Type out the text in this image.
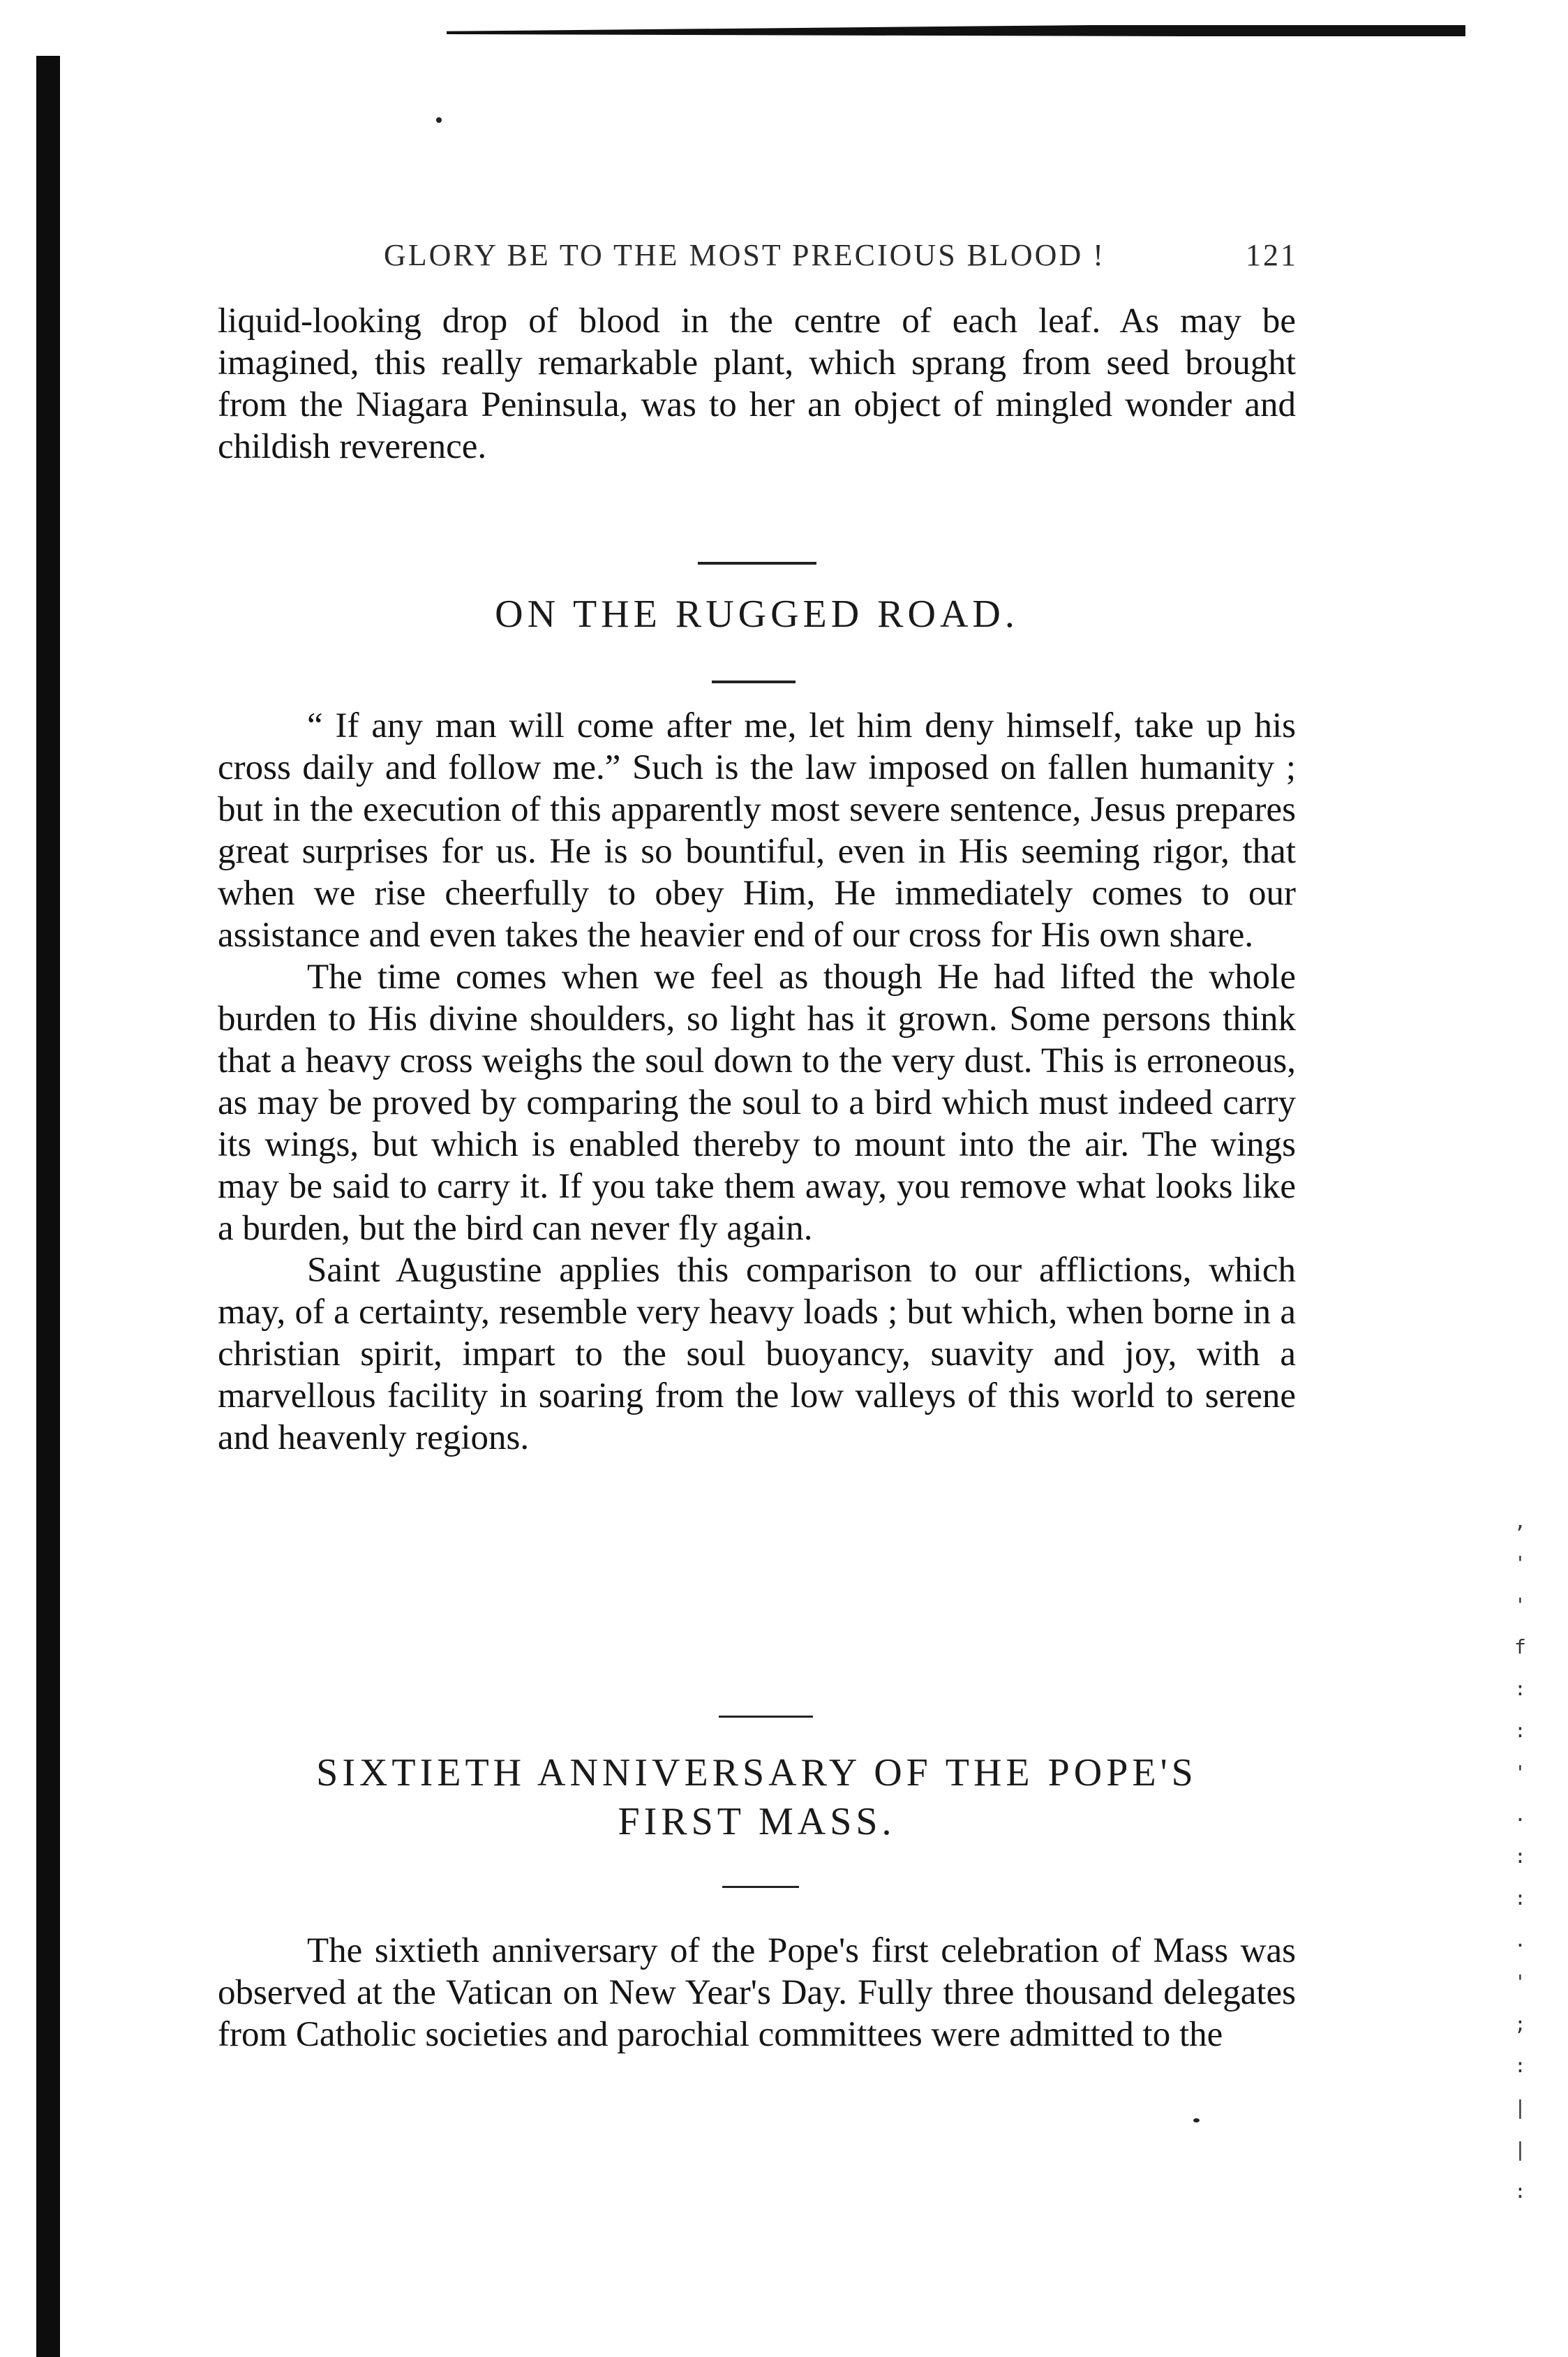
,
'
'
f
:
:
'
.
:
:
.
'
;
:
|
|
:
GLORY BE TO THE MOST PRECIOUS BLOOD !	121

liquid-looking drop of blood in the centre of each leaf. As may be imagined, this really remarkable plant, which sprang from seed brought from the Niagara Peninsula, was to her an object of mingled wonder and childish reverence.

ON THE RUGGED ROAD.

“ If any man will come after me, let him deny himself, take up his cross daily and follow me.” Such is the law imposed on fallen humanity ; but in the execution of this apparently most severe sentence, Jesus prepares great surprises for us. He is so bountiful, even in His seeming rigor, that when we rise cheerfully to obey Him, He immediately comes to our assistance and even takes the heavier end of our cross for His own share.

The time comes when we feel as though He had lifted the whole burden to His divine shoulders, so light has it grown. Some persons think that a heavy cross weighs the soul down to the very dust. This is erroneous, as may be proved by comparing the soul to a bird which must indeed carry its wings, but which is enabled thereby to mount into the air. The wings may be said to carry it. If you take them away, you remove what looks like a burden, but the bird can never fly again.

Saint Augustine applies this comparison to our afflictions, which may, of a certainty, resemble very heavy loads ; but which, when borne in a christian spirit, impart to the soul buoyancy, suavity and joy, with a marvellous facility in soaring from the low valleys of this world to serene and heavenly regions.

SIXTIETH ANNIVERSARY OF THE POPE'S
FIRST MASS.

The sixtieth anniversary of the Pope's first celebration of Mass was observed at the Vatican on New Year's Day. Fully three thousand delegates from Catholic societies and parochial committees were admitted to the
